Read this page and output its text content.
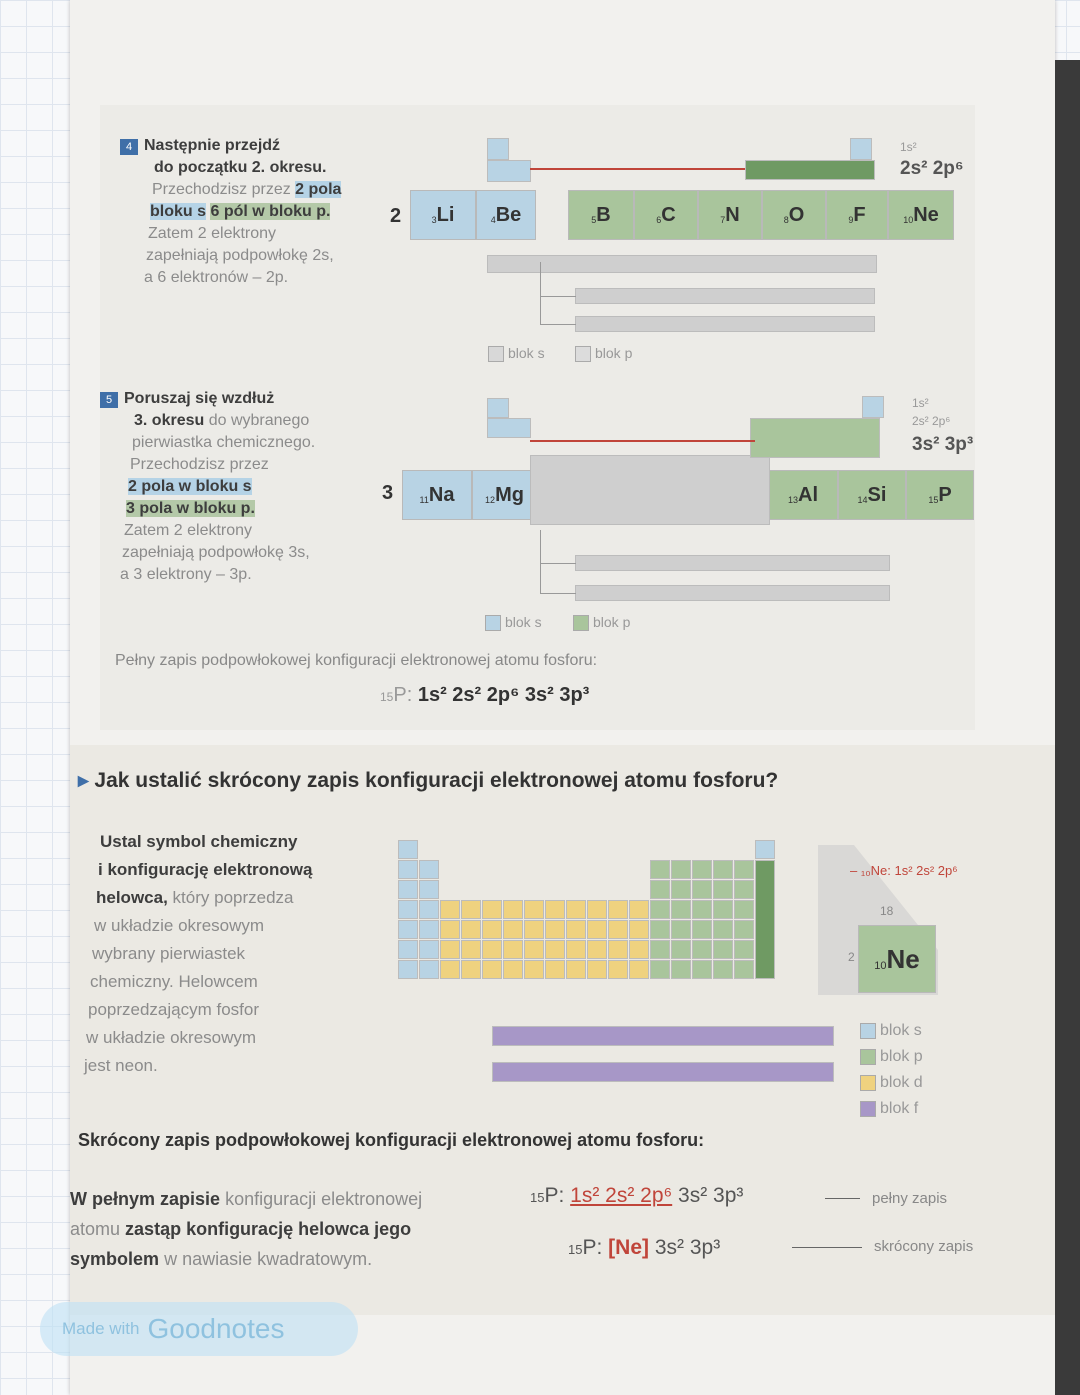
4 Następnie przejdź
do początku 2. okresu.
Przechodzisz przez 2 pola
bloku s 6 pól w bloku p.
Zatem 2 elektrony
zapełniają podpowłokę 2s,
a 6 elektronów – 2p.
2	3 Li	4 Be	5 B	6 C	7 N	8 O	9 F	10 Ne
1s²
2s² 2p⁶
blok s	blok p
5 Poruszaj się wzdłuż
3. okresu do wybranego
pierwiastka chemicznego.
Przechodzisz przez
2 pola w bloku s
3 pola w bloku p.
Zatem 2 elektrony
zapełniają podpowłokę 3s,
a 3 elektrony – 3p.
3	11 Na	12 Mg	13 Al	14 Si	15 P
1s²
2s² 2p⁶
3s² 3p³
blok s	blok p
Pełny zapis podpowłokowej konfiguracji elektronowej atomu fosforu:
15P: 1s² 2s² 2p⁶ 3s² 3p³
▸ Jak ustalić skrócony zapis konfiguracji elektronowej atomu fosforu?
Ustal symbol chemiczny
i konfigurację elektronową
helowca, który poprzedza
w układzie okresowym
wybrany pierwiastek
chemiczny. Helowcem
poprzedzającym fosfor
w układzie okresowym
jest neon.
18
2
10 Ne
– ₁₀Ne: 1s² 2s² 2p⁶
blok s
blok p
blok d
blok f
Skrócony zapis podpowłokowej konfiguracji elektronowej atomu fosforu:
W pełnym zapisie konfiguracji elektronowej
atomu zastąp konfigurację helowca jego
symbolem w nawiasie kwadratowym.
15P: 1s² 2s² 2p⁶ 3s² 3p³	pełny zapis
15P: [Ne] 3s² 3p³	skrócony zapis
Made with Goodnotes
